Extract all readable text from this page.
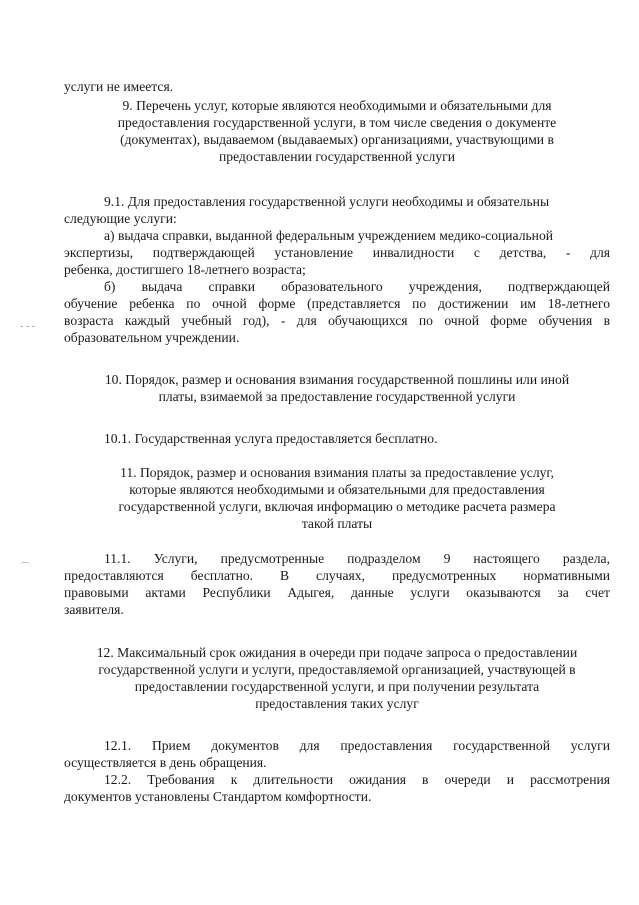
- - -
⌒

услуги не имеется.

9. Перечень услуг, которые являются необходимыми и обязательными для
предоставления государственной услуги, в том числе сведения о документе
(документах), выдаваемом (выдаваемых) организациями, участвующими в
предоставлении государственной услуги

9.1. Для предоставления государственной услуги необходимы и обязательны
следующие услуги:

а) выдача справки, выданной федеральным учреждением медико-социальной
экспертизы, подтверждающей установление инвалидности с детства, - для
ребенка, достигшего 18-летнего возраста;

б) выдача справки образовательного учреждения, подтверждающей
обучение ребенка по очной форме (представляется по достижении им 18-летнего
возраста каждый учебный год), - для обучающихся по очной форме обучения в
образовательном учреждении.

10. Порядок, размер и основания взимания государственной пошлины или иной
платы, взимаемой за предоставление государственной услуги

10.1. Государственная услуга предоставляется бесплатно.

11. Порядок, размер и основания взимания платы за предоставление услуг,
которые являются необходимыми и обязательными для предоставления
государственной услуги, включая информацию о методике расчета размера
такой платы

11.1. Услуги, предусмотренные подразделом 9 настоящего раздела,
предоставляются бесплатно. В случаях, предусмотренных нормативными
правовыми актами Республики Адыгея, данные услуги оказываются за счет
заявителя.

12. Максимальный срок ожидания в очереди при подаче запроса о предоставлении
государственной услуги и услуги, предоставляемой организацией, участвующей в
предоставлении государственной услуги, и при получении результата
предоставления таких услуг

12.1. Прием документов для предоставления государственной услуги
осуществляется в день обращения.

12.2. Требования к длительности ожидания в очереди и рассмотрения
документов установлены Стандартом комфортности.
